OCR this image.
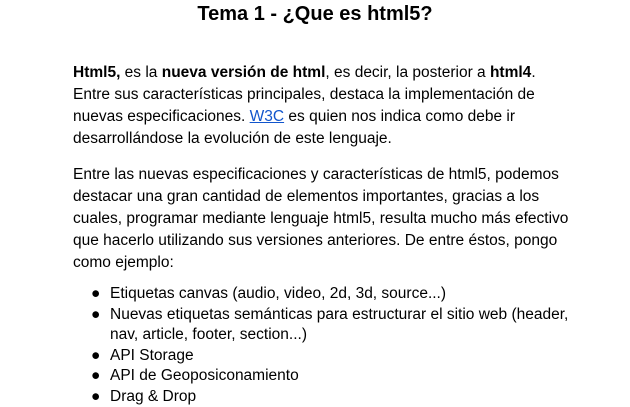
Tema 1 - ¿Que es html5?

Html5, es la nueva versión de html, es decir, la posterior a html4. Entre sus características principales, destaca la implementación de nuevas especificaciones. W3C es quien nos indica como debe ir desarrollándose la evolución de este lenguaje.

Entre las nuevas especificaciones y características de html5, podemos destacar una gran cantidad de elementos importantes, gracias a los cuales, programar mediante lenguaje html5, resulta mucho más efectivo que hacerlo utilizando sus versiones anteriores. De entre éstos, pongo como ejemplo:

● Etiquetas canvas (audio, video, 2d, 3d, source...)
● Nuevas etiquetas semánticas para estructurar el sitio web (header, nav, article, footer, section...)
● API Storage
● API de Geoposiconamiento
● Drag & Drop
